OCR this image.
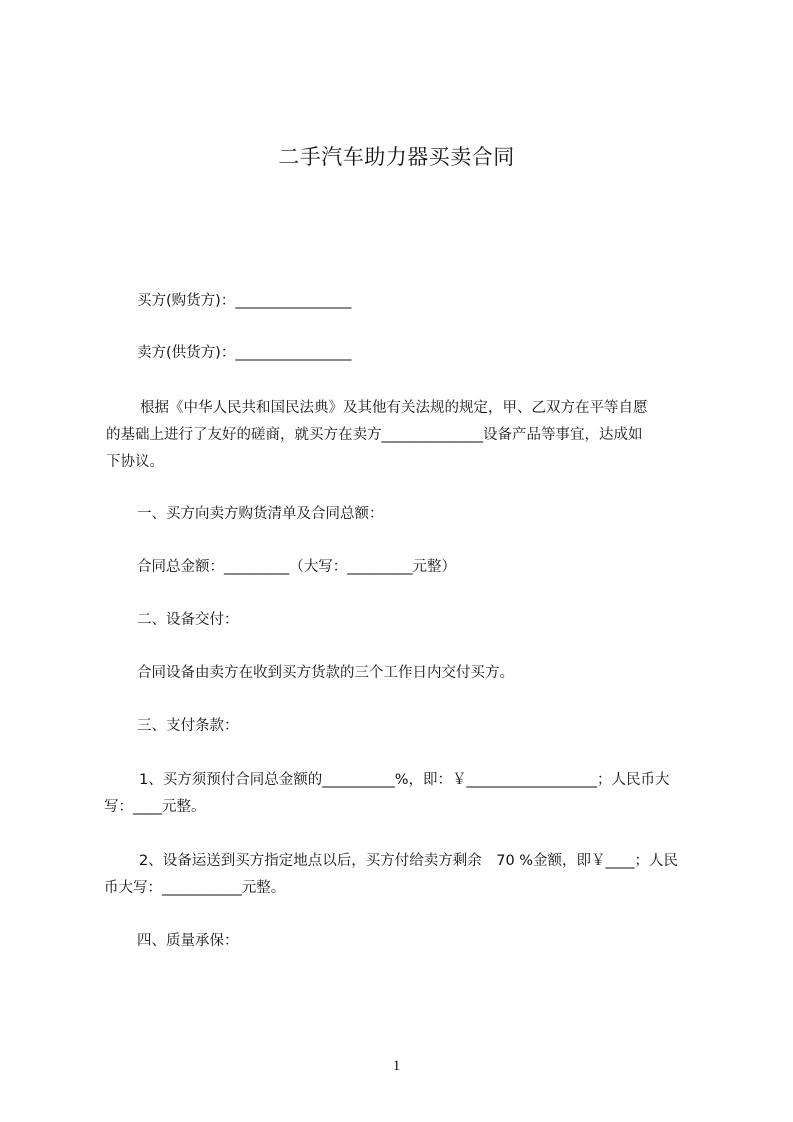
二手汽车助力器买卖合同
买方(购货方)：________________
卖方(供货方)：________________
根据《中华人民共和国民法典》及其他有关法规的规定，甲、乙双方在平等自愿
的基础上进行了友好的磋商，就买方在卖方______________设备产品等事宜，达成如
下协议。
一、买方向卖方购货清单及合同总额：
合同总金额：_________（大写：_________元整）
二、设备交付：
合同设备由卖方在收到买方货款的三个工作日内交付买方。
三、支付条款：
1、买方须预付合同总金额的__________%，即：￥__________________；人民币大
写：____元整。
2、设备运送到买方指定地点以后，买方付给卖方剩余　70 %金额，即￥____；人民
币大写：___________元整。
四、质量承保：
1
